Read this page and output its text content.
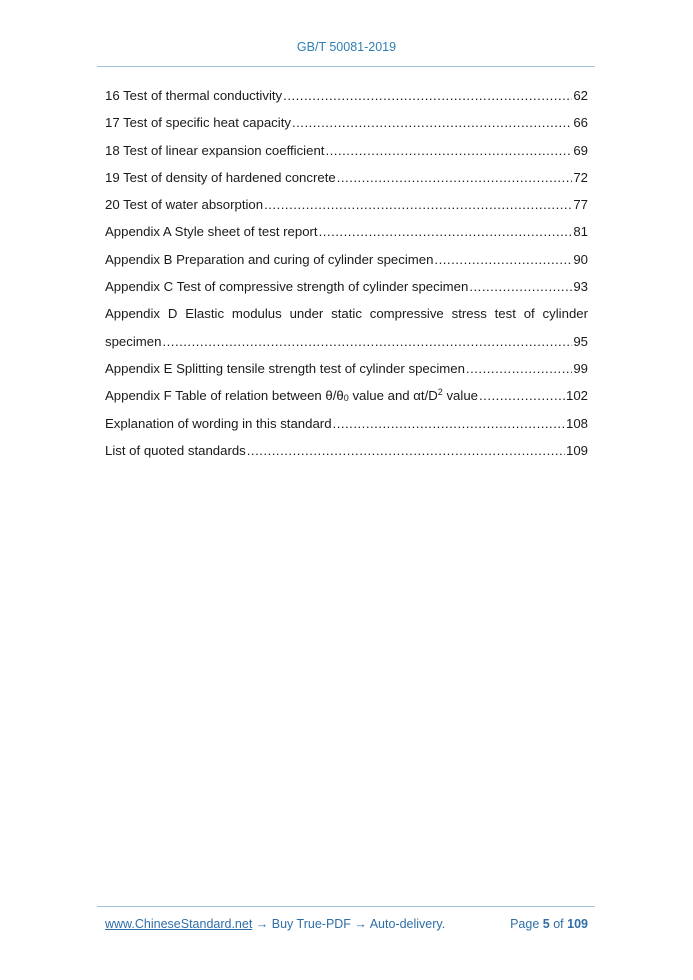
GB/T 50081-2019
16 Test of thermal conductivity .....	62
17 Test of specific heat capacity .....	66
18 Test of linear expansion coefficient .....	69
19 Test of density of hardened concrete .....	72
20 Test of water absorption .....	77
Appendix A Style sheet of test report .....	81
Appendix B Preparation and curing of cylinder specimen .....	90
Appendix C Test of compressive strength of cylinder specimen .....	93
Appendix D Elastic modulus under static compressive stress test of cylinder
specimen .....	95
Appendix E Splitting tensile strength test of cylinder specimen .....	99
Appendix F Table of relation between $\theta/\theta_0$ value and $\alpha t/D^2$ value .....	102
Explanation of wording in this standard .....	108
List of quoted standards .....	109
www.ChineseStandard.net → Buy True-PDF → Auto-delivery.	Page 5 of 109
